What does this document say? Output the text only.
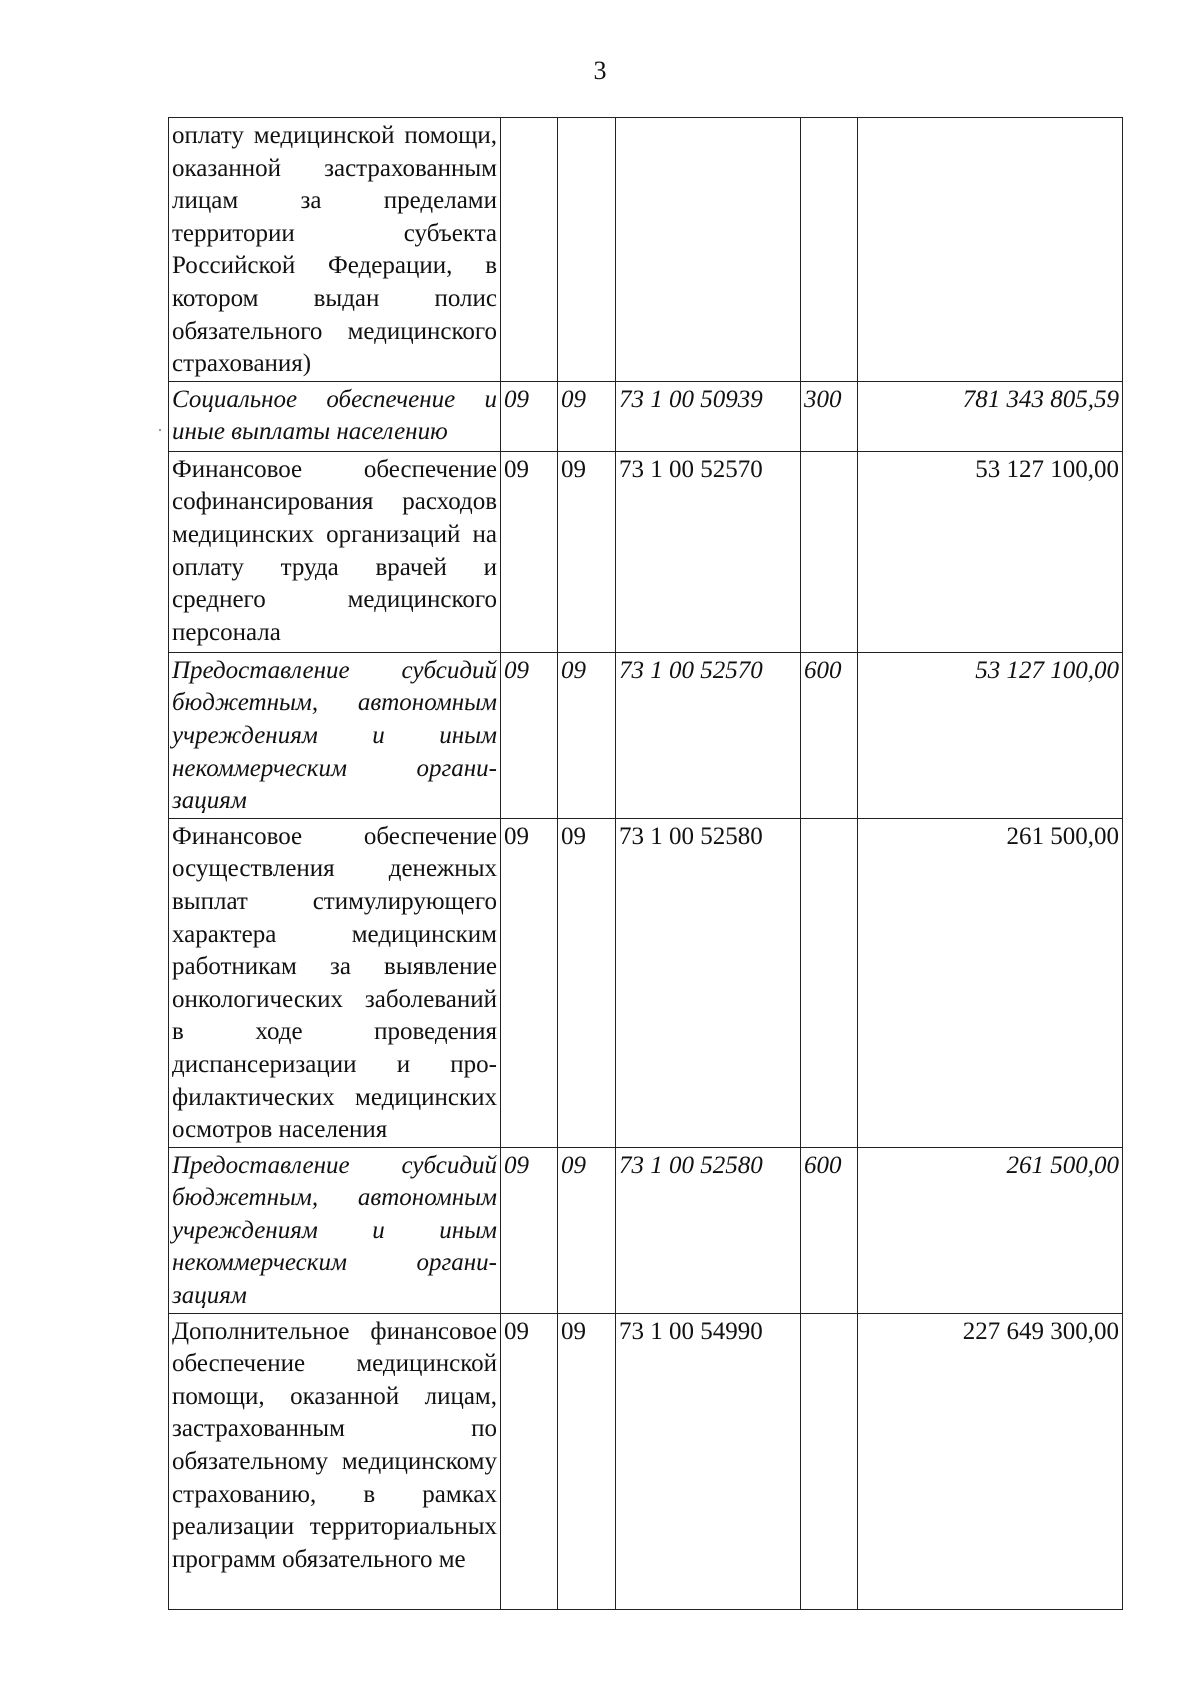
3
оплату медицинской помощи, оказанной застрахованным лицам за пределами территории субъекта Российской Федерации, в котором выдан полис обязательного медицинского страхования)					
Социальное обеспечение и иные выплаты населению	09	09	73 1 00 50939	300	781 343 805,59
Финансовое обеспечение софинансирования расходов медицинских организаций на оплату труда врачей и среднего медицинского персонала	09	09	73 1 00 52570		53 127 100,00
Предоставление субсидий бюджетным, автономным учреждениям и иным некоммерческим организациям	09	09	73 1 00 52570	600	53 127 100,00
Финансовое обеспечение осуществления денежных выплат стимулирующего характера медицинским работникам за выявление онкологических заболеваний в ходе проведения диспансеризации и профилактических медицинских осмотров населения	09	09	73 1 00 52580		261 500,00
Предоставление субсидий бюджетным, автономным учреждениям и иным некоммерческим организациям	09	09	73 1 00 52580	600	261 500,00
Дополнительное финансовое обеспечение медицинской помощи, оказанной лицам, застрахованным по обязательному медицинскому страхованию, в рамках реализации территориальных программ обязательного ме	09	09	73 1 00 54990		227 649 300,00
